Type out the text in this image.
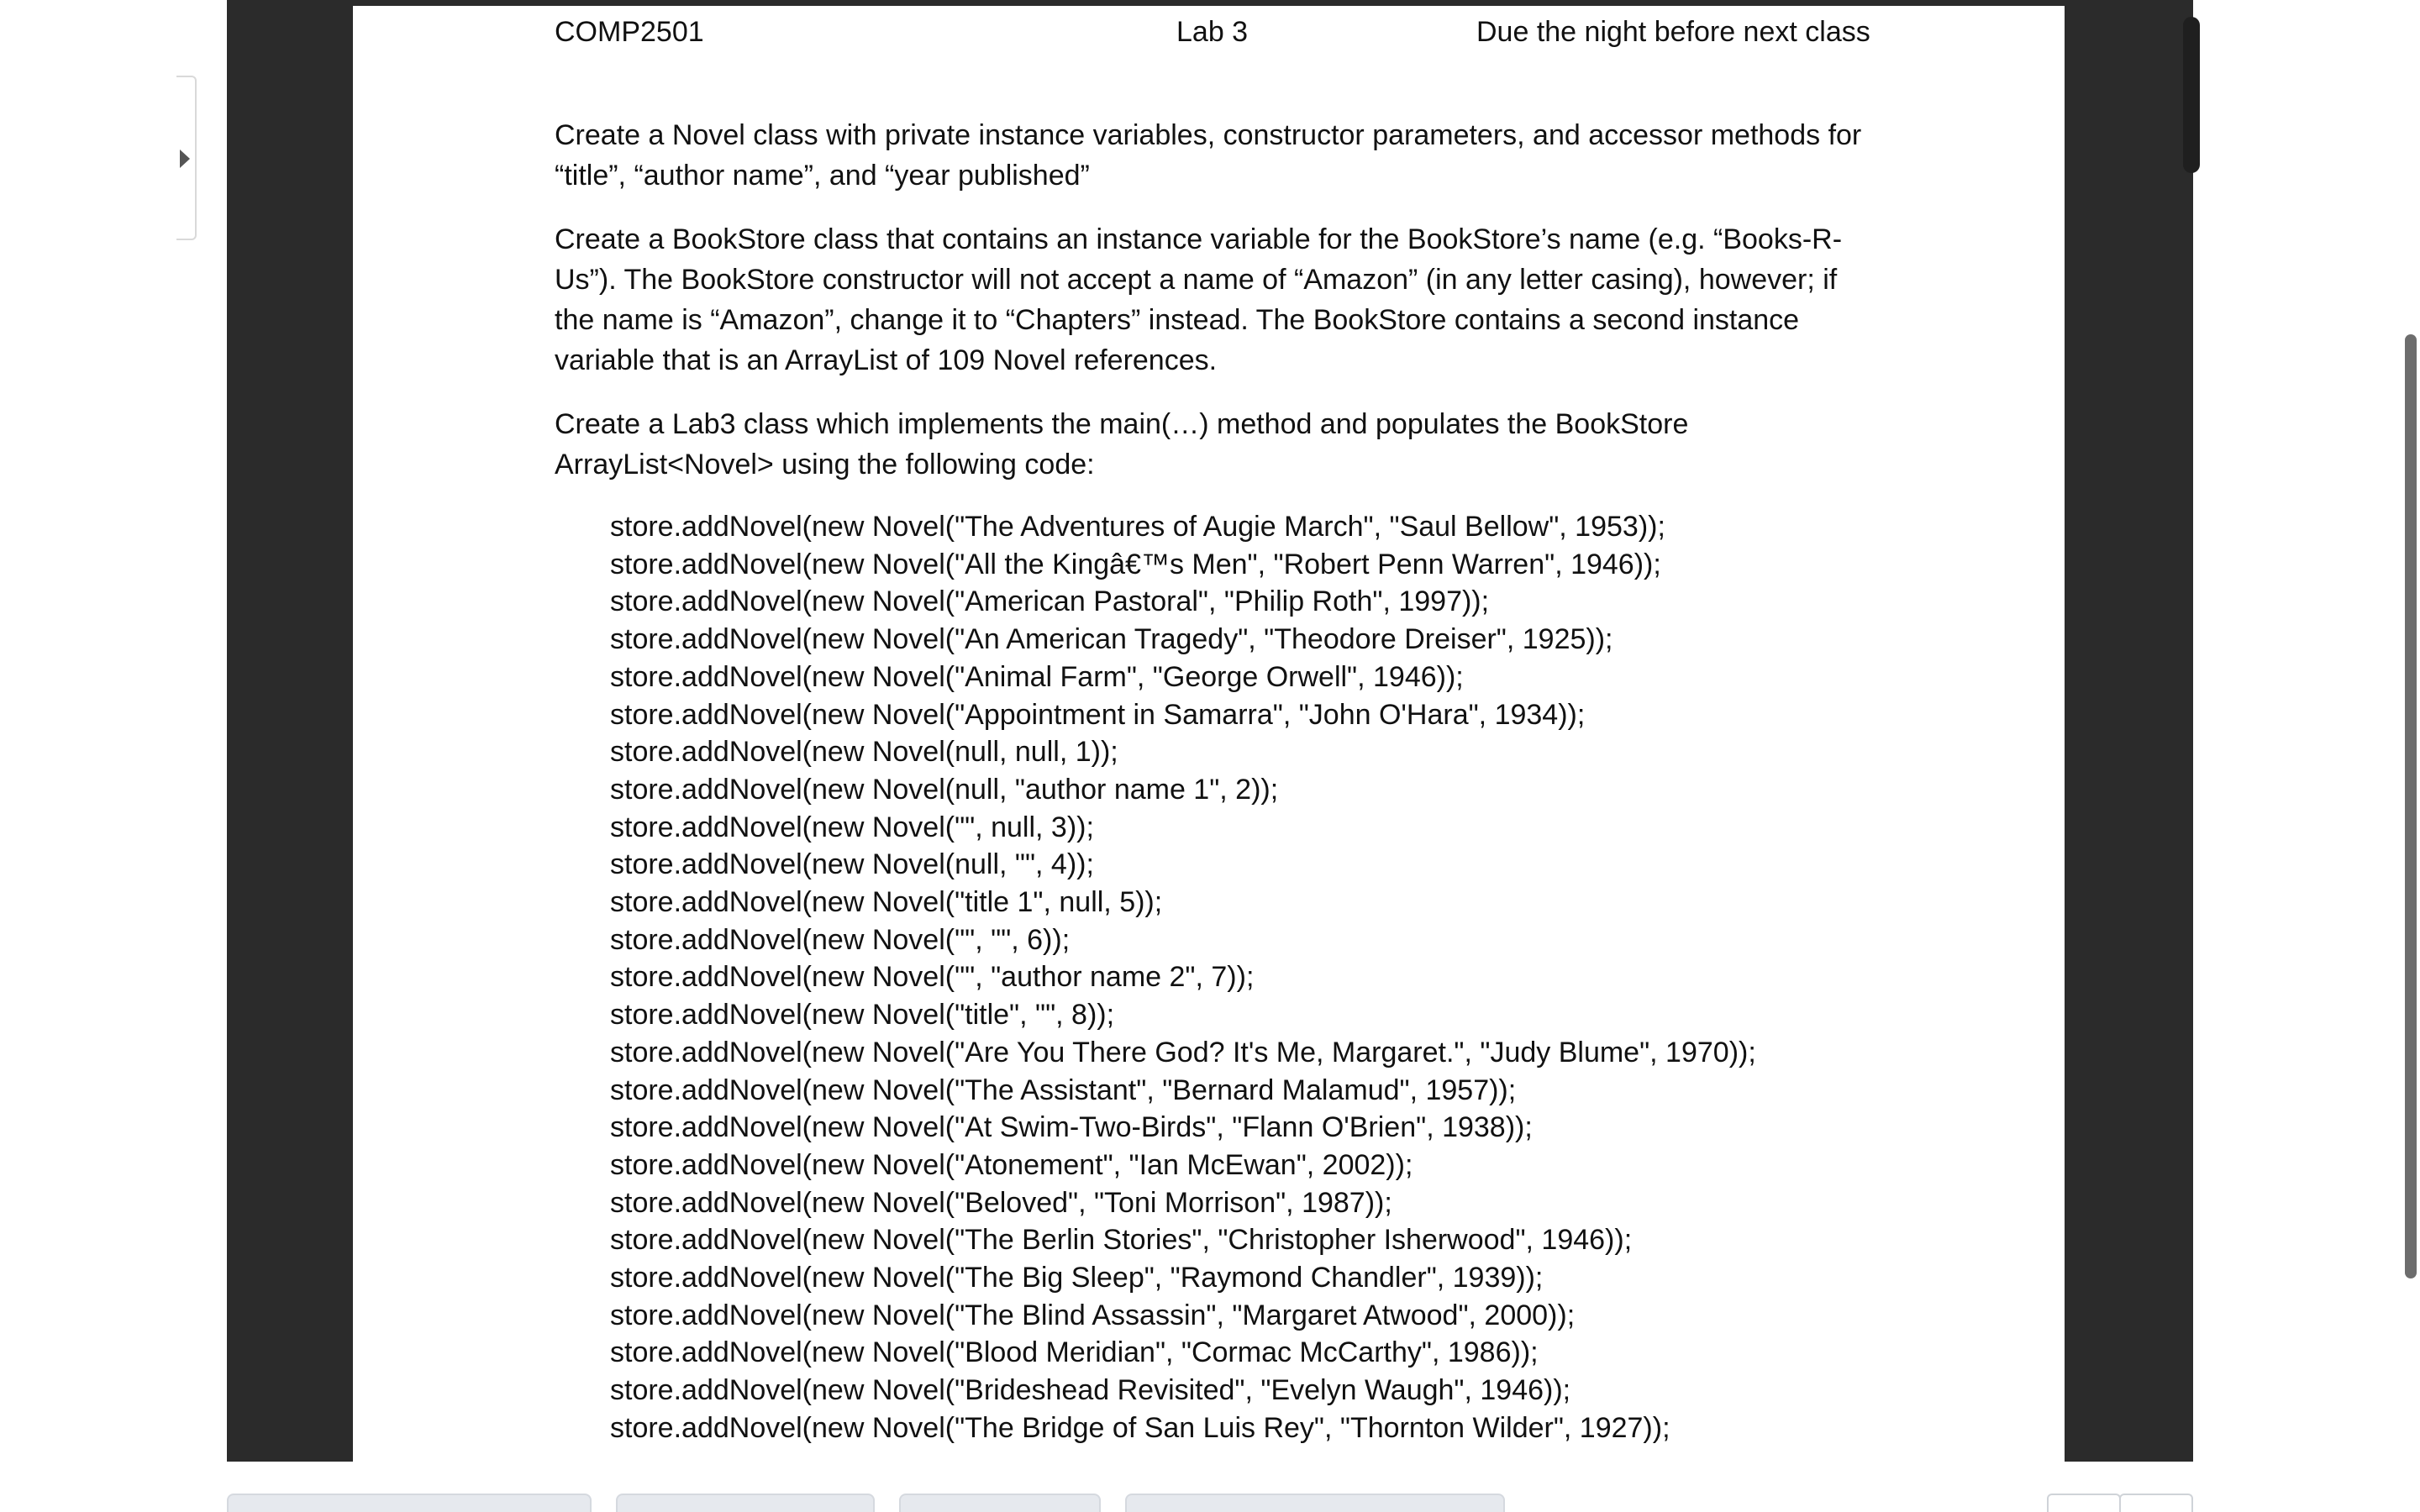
COMP2501	Lab 3	Due the night before next class

Create a Novel class with private instance variables, constructor parameters, and accessor methods for “title”, “author name”, and “year published”

Create a BookStore class that contains an instance variable for the BookStore’s name (e.g. “Books-R-Us”). The BookStore constructor will not accept a name of “Amazon” (in any letter casing), however; if the name is “Amazon”, change it to “Chapters” instead. The BookStore contains a second instance variable that is an ArrayList of 109 Novel references.

Create a Lab3 class which implements the main(…) method and populates the BookStore ArrayList<Novel> using the following code:

store.addNovel(new Novel("The Adventures of Augie March", "Saul Bellow", 1953));
store.addNovel(new Novel("All the Kingâ€™s Men", "Robert Penn Warren", 1946));
store.addNovel(new Novel("American Pastoral", "Philip Roth", 1997));
store.addNovel(new Novel("An American Tragedy", "Theodore Dreiser", 1925));
store.addNovel(new Novel("Animal Farm", "George Orwell", 1946));
store.addNovel(new Novel("Appointment in Samarra", "John O'Hara", 1934));
store.addNovel(new Novel(null, null, 1));
store.addNovel(new Novel(null, "author name 1", 2));
store.addNovel(new Novel("", null, 3));
store.addNovel(new Novel(null, "", 4));
store.addNovel(new Novel("title 1", null, 5));
store.addNovel(new Novel("", "", 6));
store.addNovel(new Novel("", "author name 2", 7));
store.addNovel(new Novel("title", "", 8));
store.addNovel(new Novel("Are You There God? It's Me, Margaret.", "Judy Blume", 1970));
store.addNovel(new Novel("The Assistant", "Bernard Malamud", 1957));
store.addNovel(new Novel("At Swim-Two-Birds", "Flann O'Brien", 1938));
store.addNovel(new Novel("Atonement", "Ian McEwan", 2002));
store.addNovel(new Novel("Beloved", "Toni Morrison", 1987));
store.addNovel(new Novel("The Berlin Stories", "Christopher Isherwood", 1946));
store.addNovel(new Novel("The Big Sleep", "Raymond Chandler", 1939));
store.addNovel(new Novel("The Blind Assassin", "Margaret Atwood", 2000));
store.addNovel(new Novel("Blood Meridian", "Cormac McCarthy", 1986));
store.addNovel(new Novel("Brideshead Revisited", "Evelyn Waugh", 1946));
store.addNovel(new Novel("The Bridge of San Luis Rey", "Thornton Wilder", 1927));
